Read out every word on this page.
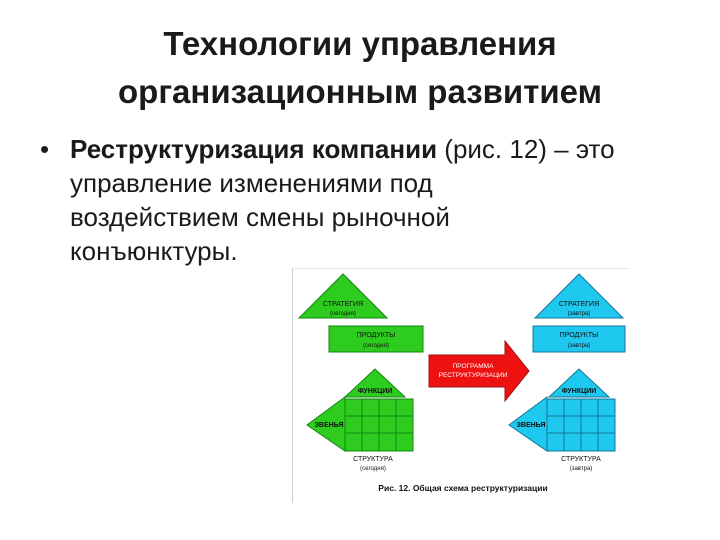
Технологии управления
организационным развитием
• Реструктуризация компании (рис. 12) – это
управление изменениями под
воздействием смены рыночной
конъюнктуры.
СТРАТЕГИЯ
(сегодня)
ПРОДУКТЫ
(сегодня)
ФУНКЦИИ
ЗВЕНЬЯ
СТРУКТУРА
(сегодня)
ПРОГРАММА
РЕСТРУКТУРИЗАЦИИ
СТРАТЕГИЯ
(завтра)
ПРОДУКТЫ
(завтра)
ФУНКЦИИ
ЗВЕНЬЯ
СТРУКТУРА
(завтра)
Рис. 12. Общая схема реструктуризации
